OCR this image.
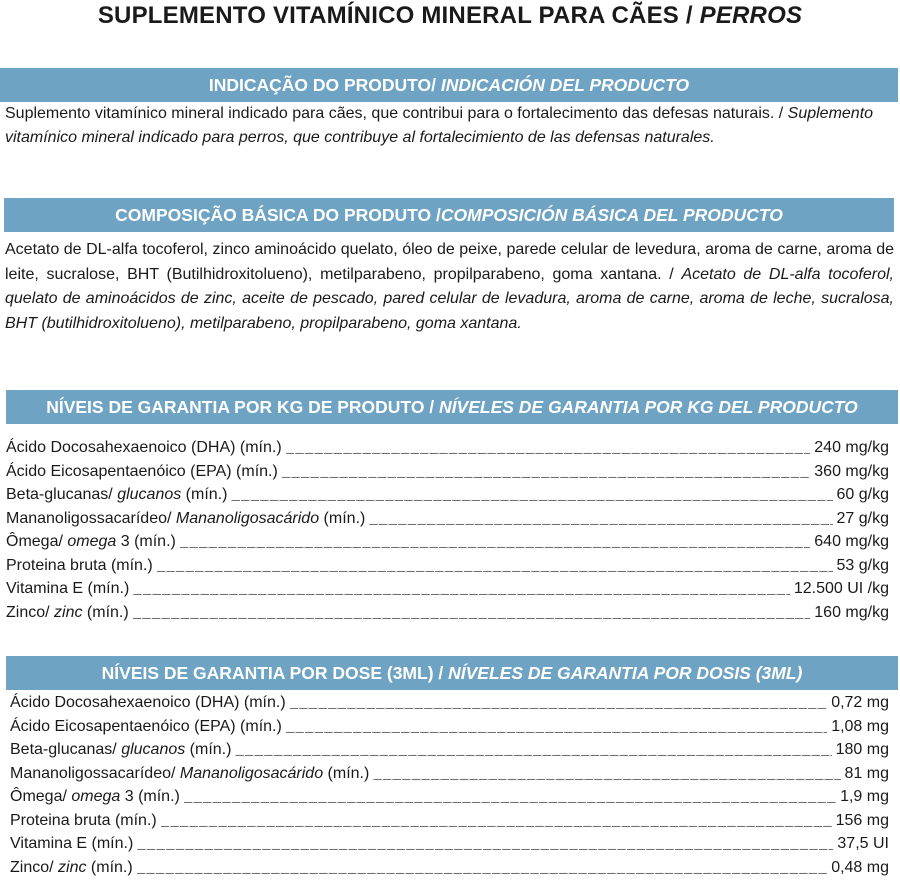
SUPLEMENTO VITAMÍNICO MINERAL PARA CÃES / PERROS
INDICAÇÃO DO PRODUTO/ INDICACIÓN DEL PRODUCTO
Suplemento vitamínico mineral indicado para cães, que contribui para o fortalecimento das defesas naturais. / Suplemento vitamínico mineral indicado para perros, que contribuye al fortalecimiento de las defensas naturales.
COMPOSIÇÃO BÁSICA DO PRODUTO /COMPOSICIÓN BÁSICA DEL PRODUCTO
Acetato de DL-alfa tocoferol, zinco aminoácido quelato, óleo de peixe, parede celular de levedura, aroma de carne, aroma de leite, sucralose, BHT (Butilhidroxitolueno), metilparabeno, propilparabeno, goma xantana. / Acetato de DL-alfa tocoferol, quelato de aminoácidos de zinc, aceite de pescado, pared celular de levadura, aroma de carne, aroma de leche, sucralosa, BHT (butilhidroxitolueno), metilparabeno, propilparabeno, goma xantana.
NÍVEIS DE GARANTIA POR KG DE PRODUTO / NÍVELES DE GARANTIA POR KG DEL PRODUCTO
Ácido Docosahexaenoico (DHA) (mín.) _____	240 mg/kg
Ácido Eicosapentaenóico (EPA) (mín.) _____	360 mg/kg
Beta-glucanas/ glucanos (mín.) _____	60 g/kg
Mananoligossacarídeo/ Mananoligosacárido (mín.) _____	27 g/kg
Ômega/ omega 3 (mín.) _____	640 mg/kg
Proteina bruta (mín.) _____	53 g/kg
Vitamina E (mín.) _____	12.500 UI /kg
Zinco/ zinc (mín.) _____	160 mg/kg
NÍVEIS DE GARANTIA POR DOSE (3ML) / NÍVELES DE GARANTIA POR DOSIS (3ML)
Ácido Docosahexaenoico (DHA) (mín.) _____	0,72 mg
Ácido Eicosapentaenóico (EPA) (mín.) _____	1,08 mg
Beta-glucanas/ glucanos (mín.) _____	180 mg
Mananoligossacarídeo/ Mananoligosacárido (mín.) _____	81 mg
Ômega/ omega 3 (mín.) _____	1,9 mg
Proteina bruta (mín.) _____	156 mg
Vitamina E (mín.) _____	37,5 UI
Zinco/ zinc (mín.) _____	0,48 mg
